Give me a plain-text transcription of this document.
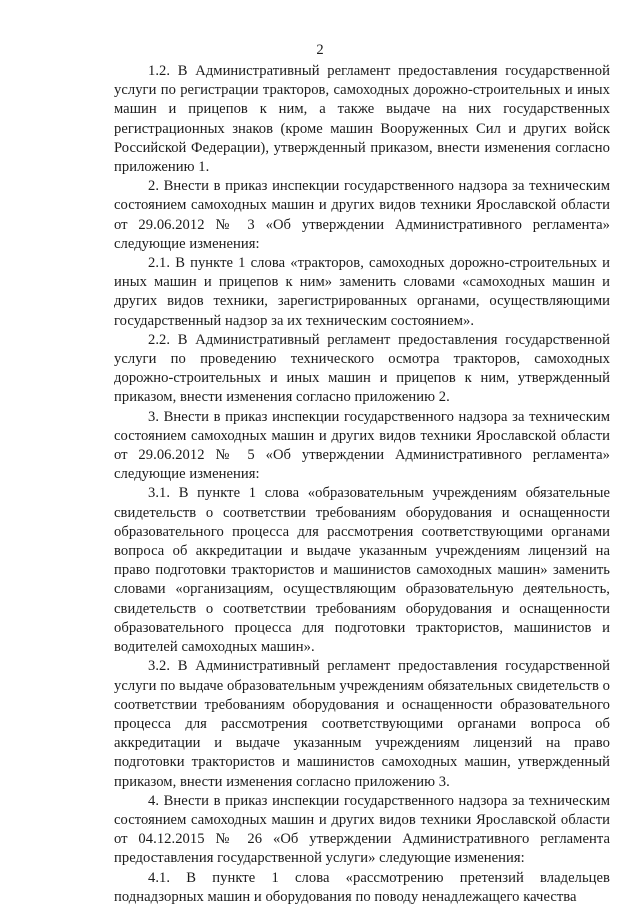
2

1.2. В Административный регламент предоставления государственной услуги по регистрации тракторов, самоходных дорожно-строительных и иных машин и прицепов к ним, а также выдаче на них государственных регистрационных знаков (кроме машин Вооруженных Сил и других войск Российской Федерации), утвержденный приказом, внести изменения согласно приложению 1.

2. Внести в приказ инспекции государственного надзора за техническим состоянием самоходных машин и других видов техники Ярославской области от 29.06.2012 № 3 «Об утверждении Административного регламента» следующие изменения:

2.1. В пункте 1 слова «тракторов, самоходных дорожно-строительных и иных машин и прицепов к ним» заменить словами «самоходных машин и других видов техники, зарегистрированных органами, осуществляющими государственный надзор за их техническим состоянием».

2.2. В Административный регламент предоставления государственной услуги по проведению технического осмотра тракторов, самоходных дорожно-строительных и иных машин и прицепов к ним, утвержденный приказом, внести изменения согласно приложению 2.

3. Внести в приказ инспекции государственного надзора за техническим состоянием самоходных машин и других видов техники Ярославской области от 29.06.2012 № 5 «Об утверждении Административного регламента» следующие изменения:

3.1. В пункте 1 слова «образовательным учреждениям обязательные свидетельств о соответствии требованиям оборудования и оснащенности образовательного процесса для рассмотрения соответствующими органами вопроса об аккредитации и выдаче указанным учреждениям лицензий на право подготовки трактористов и машинистов самоходных машин» заменить словами «организациям, осуществляющим образовательную деятельность, свидетельств о соответствии требованиям оборудования и оснащенности образовательного процесса для подготовки трактористов, машинистов и водителей самоходных машин».

3.2. В Административный регламент предоставления государственной услуги по выдаче образовательным учреждениям обязательных свидетельств о соответствии требованиям оборудования и оснащенности образовательного процесса для рассмотрения соответствующими органами вопроса об аккредитации и выдаче указанным учреждениям лицензий на право подготовки трактористов и машинистов самоходных машин, утвержденный приказом, внести изменения согласно приложению 3.

4. Внести в приказ инспекции государственного надзора за техническим состоянием самоходных машин и других видов техники Ярославской области от 04.12.2015 № 26 «Об утверждении Административного регламента предоставления государственной услуги» следующие изменения:

4.1. В пункте 1 слова «рассмотрению претензий владельцев поднадзорных машин и оборудования по поводу ненадлежащего качества
